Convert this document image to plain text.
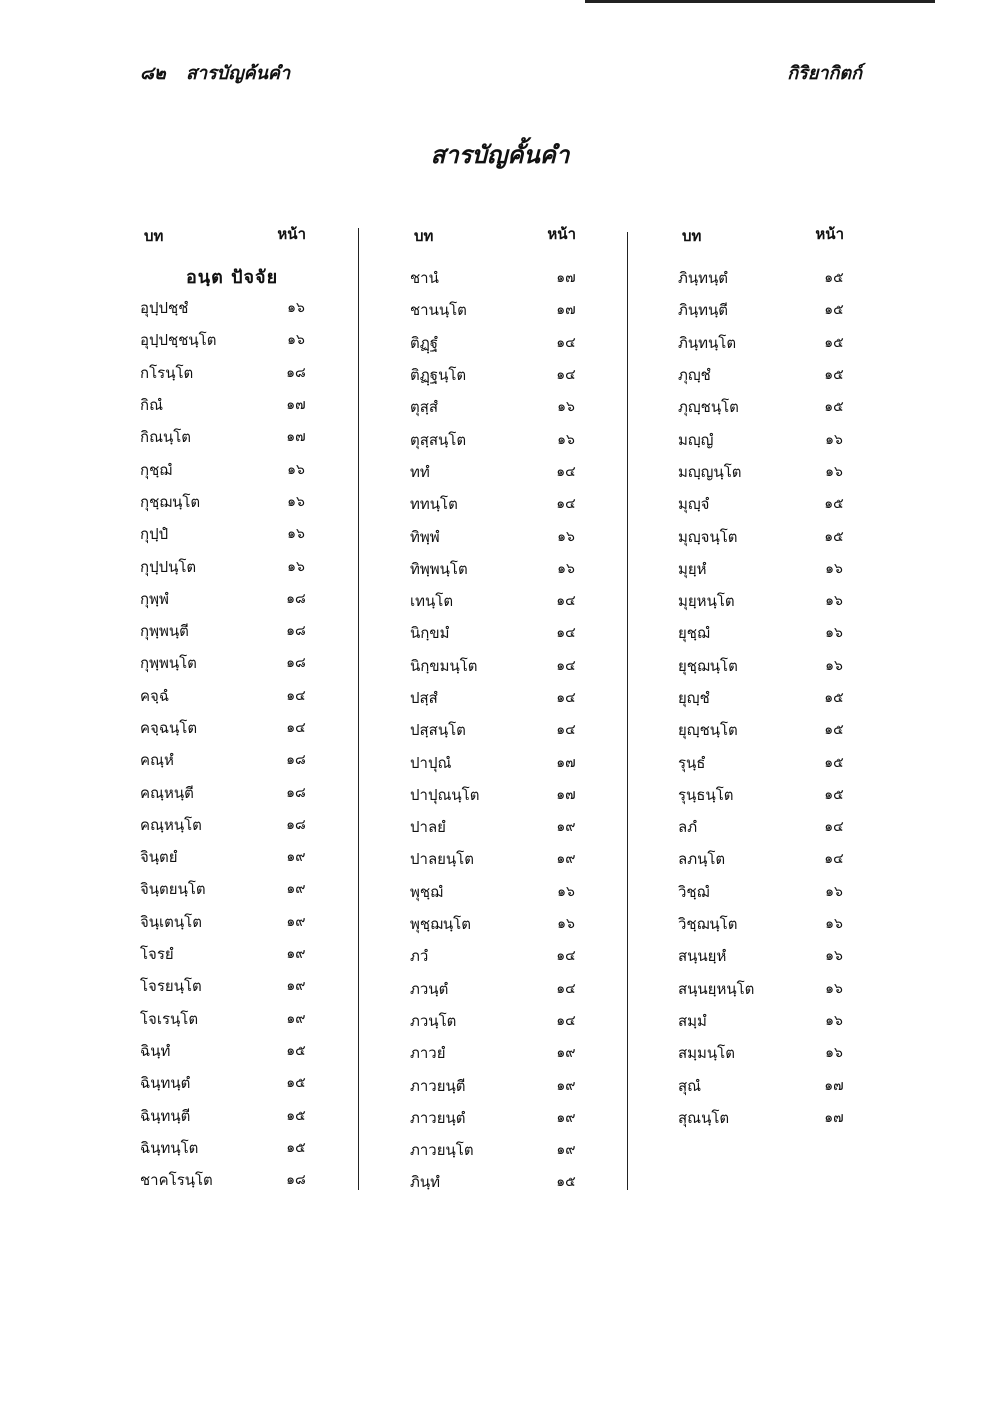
๘๒ สารบัญค้นคำ	กิริยากิตก์
สารบัญคั้นคำ
บท	หน้า
อนฺต ปัจจัย
อุปฺปชฺชํ	๑๖
อุปฺปชฺชนฺโต	๑๖
กโรนฺโต	๑๘
กิณํ	๑๗
กิณนฺโต	๑๗
กุชฺฌํ	๑๖
กุชฺฌนฺโต	๑๖
กุปฺปํ	๑๖
กุปฺปนฺโต	๑๖
กุพฺพํ	๑๘
กุพฺพนฺตี	๑๘
กุพฺพนฺโต	๑๘
คจฺฉํ	๑๔
คจฺฉนฺโต	๑๔
คณฺหํ	๑๘
คณฺหนฺตี	๑๘
คณฺหนฺโต	๑๘
จินฺตยํ	๑๙
จินฺตยนฺโต	๑๙
จินฺเตนฺโต	๑๙
โจรยํ	๑๙
โจรยนฺโต	๑๙
โจเรนฺโต	๑๙
ฉินฺทํ	๑๕
ฉินฺทนฺตํ	๑๕
ฉินฺทนฺตี	๑๕
ฉินฺทนฺโต	๑๕
ชาคโรนฺโต	๑๘
บท	หน้า
ชานํ	๑๗
ชานนฺโต	๑๗
ติฏฺฐํ	๑๔
ติฏฺฐนฺโต	๑๔
ตุสฺสํ	๑๖
ตุสฺสนฺโต	๑๖
ททํ	๑๔
ททนฺโต	๑๔
ทิพฺพํ	๑๖
ทิพฺพนฺโต	๑๖
เทนฺโต	๑๔
นิกฺขมํ	๑๔
นิกฺขมนฺโต	๑๔
ปสฺสํ	๑๔
ปสฺสนฺโต	๑๔
ปาปุณํ	๑๗
ปาปุณนฺโต	๑๗
ปาลยํ	๑๙
ปาลยนฺโต	๑๙
พุชฺฌํ	๑๖
พุชฺฌนฺโต	๑๖
ภวํ	๑๔
ภวนฺตํ	๑๔
ภวนฺโต	๑๔
ภาวยํ	๑๙
ภาวยนฺตี	๑๙
ภาวยนฺตํ	๑๙
ภาวยนฺโต	๑๙
ภินฺทํ	๑๕
บท	หน้า
ภินฺทนฺตํ	๑๕
ภินฺทนฺตี	๑๕
ภินฺทนฺโต	๑๕
ภุญฺชํ	๑๕
ภุญฺชนฺโต	๑๕
มญฺญํ	๑๖
มญฺญนฺโต	๑๖
มุญฺจํ	๑๕
มุญฺจนฺโต	๑๕
มุยฺหํ	๑๖
มุยฺหนฺโต	๑๖
ยุชฺฌํ	๑๖
ยุชฺฌนฺโต	๑๖
ยุญฺชํ	๑๕
ยุญฺชนฺโต	๑๕
รุนฺธํ	๑๕
รุนฺธนฺโต	๑๕
ลภํ	๑๔
ลภนฺโต	๑๔
วิชฺฌํ	๑๖
วิชฺฌนฺโต	๑๖
สนฺนยฺหํ	๑๖
สนฺนยฺหนฺโต	๑๖
สมฺมํ	๑๖
สมฺมนฺโต	๑๖
สุณํ	๑๗
สุณนฺโต	๑๗
